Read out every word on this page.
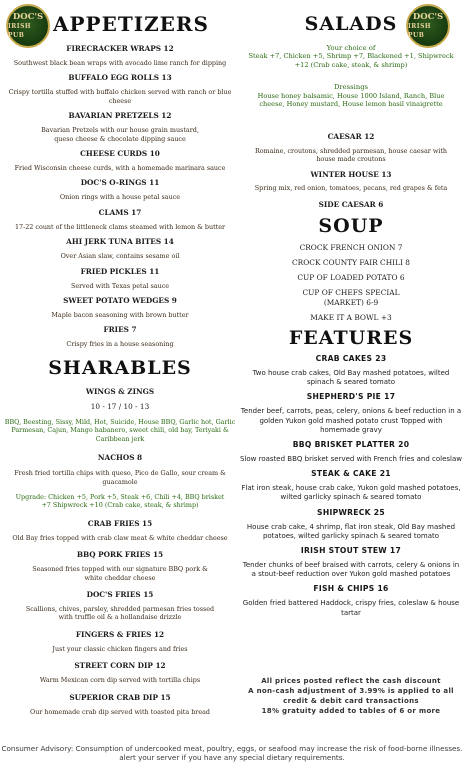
DOC'S
IRISH PUB
DOC'S
IRISH PUB
APPETIZERS

FIRECRACKER WRAPS 12

Southwest black bean wraps with avocado lime ranch for dipping

BUFFALO EGG ROLLS 13

Crispy tortilla stuffed with buffalo chicken served with ranch or blue cheese

BAVARIAN PRETZELS 12

Bavarian Pretzels with our house grain mustard, queso cheese & chocolate dipping sauce

CHEESE CURDS 10

Fried Wisconsin cheese curds, with a homemade marinara sauce

DOC'S O-RINGS 11

Onion rings with a house petal sauce

CLAMS 17

17-22 count of the littleneck clams steamed with lemon & butter

AHI JERK TUNA BITES 14

Over Asian slaw, contains sesame oil

FRIED PICKLES 11

Served with Texas petal sauce

SWEET POTATO WEDGES 9

Maple bacon seasoning with brown butter

FRIES 7

Crispy fries in a house seasoning

SHARABLES

WINGS & ZINGS

10 - 17 / 10 - 13

BBQ, Beesting, Sissy, Mild, Hot, Suicide, House BBQ, Garlic hot, Garlic Parmesan, Cajun, Mango habanero, sweet chili, old bay, Teriyaki & Caribbean jerk

NACHOS 8

Fresh fried tortilla chips with queso, Pico de Gallo, sour cream & guacamole

Upgrade: Chicken +5, Pork +5, Steak +6, Chili +4, BBQ brisket +7 Shipwreck +10 (Crab cake, steak, & shrimp)

CRAB FRIES 15

Old Bay fries topped with crab claw meat & white cheddar cheese

BBQ PORK FRIES 15

Seasoned fries topped with our signature BBQ pork & white cheddar cheese

DOC'S FRIES 15

Scallions, chives, parsley, shredded parmesan fries tossed with truffle oil & a hollandaise drizzle

FINGERS & FRIES 12

Just your classic chicken fingers and fries

STREET CORN DIP 12

Warm Mexican corn dip served with tortilla chips

SUPERIOR CRAB DIP 15

Our homemade crab dip served with toasted pita bread

SALADS

Your choice of

Steak +7, Chicken +5, Shrimp +7, Blackened +1, Shipwreck +12 (Crab cake, steak, & shrimp)

Dressings

House honey balsamic, House 1000 Island, Ranch, Blue cheese, Honey mustard, House lemon basil vinaigrette

CAESAR 12

Romaine, croutons, shredded parmesan, house caesar with house made croutons

WINTER HOUSE 13

Spring mix, red onion, tomatoes, pecans, red grapes & feta

SIDE CAESAR 6

SOUP

CROCK FRENCH ONION 7

CROCK COUNTY FAIR CHILI 8

CUP OF LOADED POTATO 6

CUP OF CHEFS SPECIAL (MARKET) 6-9

MAKE IT A BOWL +3

FEATURES

CRAB CAKES 23

Two house crab cakes, Old Bay mashed potatoes, wilted spinach & seared tomato

SHEPHERD'S PIE 17

Tender beef, carrots, peas, celery, onions & beef reduction in a golden Yukon gold mashed potato crust Topped with homemade gravy

BBQ BRISKET PLATTER 20

Slow roasted BBQ brisket served with French fries and coleslaw

STEAK & CAKE 21

Flat iron steak, house crab cake, Yukon gold mashed potatoes, wilted garlicky spinach & seared tomato

SHIPWRECK 25

House crab cake, 4 shrimp, flat iron steak, Old Bay mashed potatoes, wilted garlicky spinach & seared tomato

IRISH STOUT STEW 17

Tender chunks of beef braised with carrots, celery & onions in a stout-beef reduction over Yukon gold mashed potatoes

FISH & CHIPS 16

Golden fried battered Haddock, crispy fries, coleslaw & house tartar

All prices posted reflect the cash discount

A non-cash adjustment of 3.99% is applied to all credit & debit card transactions

18% gratuity added to tables of 6 or more

Consumer Advisory: Consumption of undercooked meat, poultry, eggs, or seafood may increase the risk of food-borne illnesses. alert your server if you have any special dietary requirements.
